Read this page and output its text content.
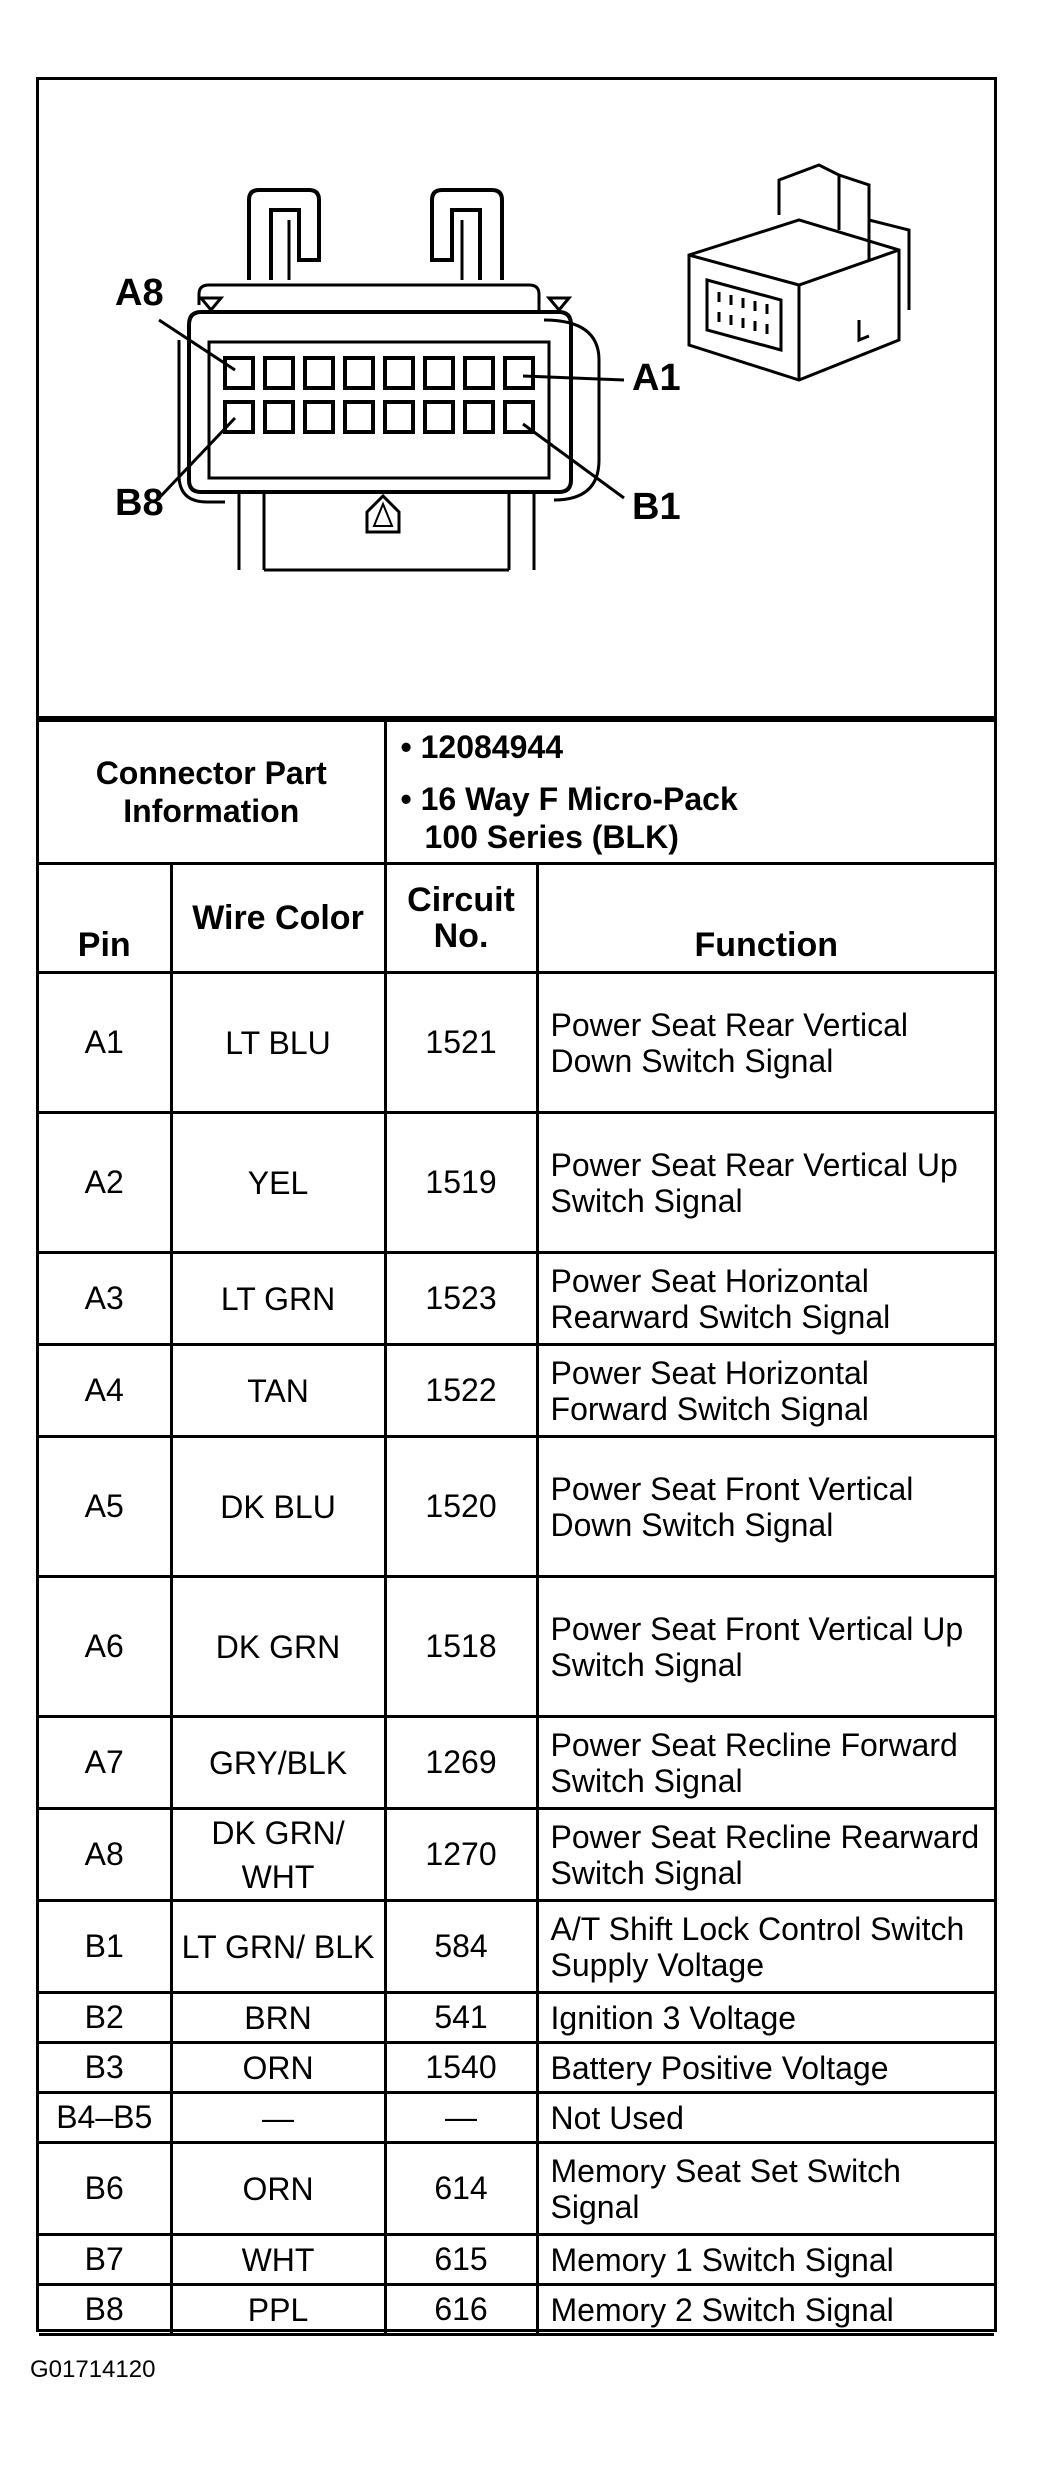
A8
A1
B8	B1
Connector Part Information		• 12084944
• 16 Way F Micro-Pack
100 Series (BLK)	

Pin	Wire Color	Circuit No.	Function
A1	LT BLU	1521	Power Seat Rear Vertical Down Switch Signal
A2	YEL	1519	Power Seat Rear Vertical Up Switch Signal
A3	LT GRN	1523	Power Seat Horizontal Rearward Switch Signal
A4	TAN	1522	Power Seat Horizontal Forward Switch Signal
A5	DK BLU	1520	Power Seat Front Vertical Down Switch Signal
A6	DK GRN	1518	Power Seat Front Vertical Up Switch Signal
A7	GRY/BLK	1269	Power Seat Recline Forward Switch Signal
A8	DK GRN/ WHT	1270	Power Seat Recline Rearward Switch Signal
B1	LT GRN/ BLK	584	A/T Shift Lock Control Switch Supply Voltage
B2	BRN	541	Ignition 3 Voltage
B3	ORN	1540	Battery Positive Voltage
B4–B5	—	—	Not Used
B6	ORN	614	Memory Seat Set Switch Signal
B7	WHT	615	Memory 1 Switch Signal
B8	PPL	616	Memory 2 Switch Signal
G01714120
